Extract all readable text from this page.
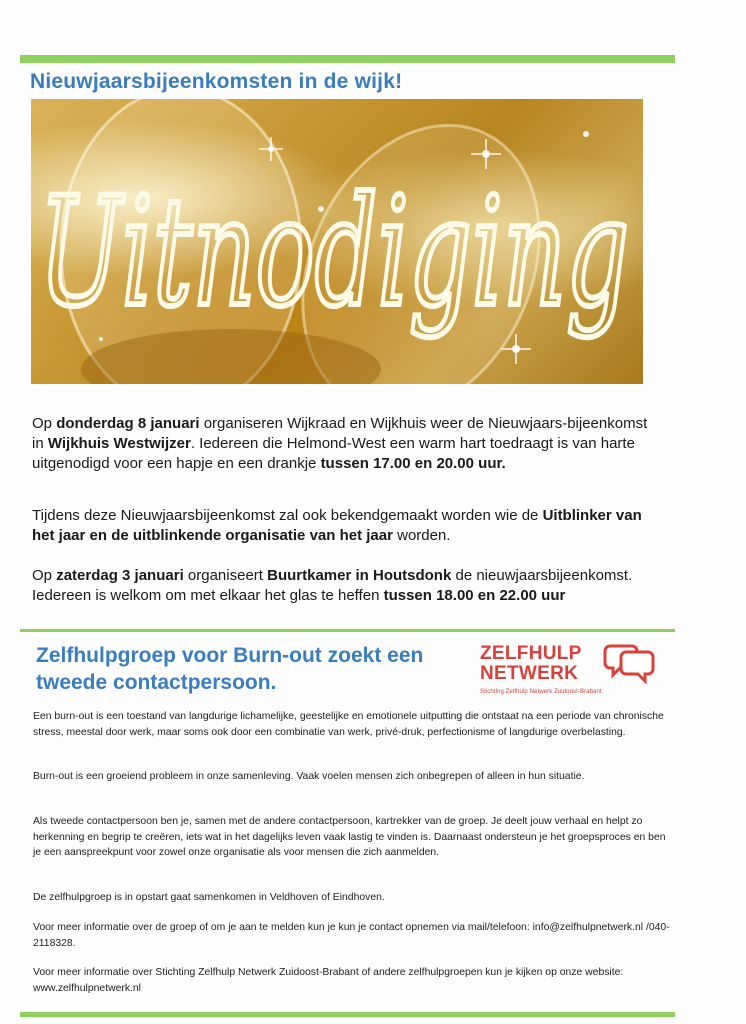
Nieuwjaarsbijeenkomsten in de wijk!
Uitnodiging
Op donderdag 8 januari organiseren Wijkraad en Wijkhuis weer de Nieuwjaars-bijeenkomst in Wijkhuis Westwijzer. Iedereen die Helmond-West een warm hart toedraagt is van harte uitgenodigd voor een hapje en een drankje tussen 17.00 en 20.00 uur.
Tijdens deze Nieuwjaarsbijeenkomst zal ook bekendgemaakt worden wie de Uitblinker van het jaar en de uitblinkende organisatie van het jaar worden.
Op zaterdag 3 januari organiseert Buurtkamer in Houtsdonk de nieuwjaarsbijeenkomst. Iedereen is welkom om met elkaar het glas te heffen tussen 18.00 en 22.00 uur
Zelfhulpgroep voor Burn-out zoekt een tweede contactpersoon.
ZELFHULP
NETWERK
Stichting Zelfhulp Netwerk Zuidoost-Brabant
Een burn-out is een toestand van langdurige lichamelijke, geestelijke en emotionele uitputting die ontstaat na een periode van chronische stress, meestal door werk, maar soms ook door een combinatie van werk, privé-druk, perfectionisme of langdurige overbelasting.
Burn-out is een groeiend probleem in onze samenleving. Vaak voelen mensen zich onbegrepen of alleen in hun situatie.
Als tweede contactpersoon ben je, samen met de andere contactpersoon, kartrekker van de groep. Je deelt jouw verhaal en helpt zo herkenning en begrip te creëren, iets wat in het dagelijks leven vaak lastig te vinden is. Daarnaast ondersteun je het groepsproces en ben je een aanspreekpunt voor zowel onze organisatie als voor mensen die zich aanmelden.
De zelfhulpgroep is in opstart gaat samenkomen in Veldhoven of Eindhoven.
Voor meer informatie over de groep of om je aan te melden kun je kun je contact opnemen via mail/telefoon: info@zelfhulpnetwerk.nl /040-2118328.
Voor meer informatie over Stichting Zelfhulp Netwerk Zuidoost-Brabant of andere zelfhulpgroepen kun je kijken op onze website: www.zelfhulpnetwerk.nl
